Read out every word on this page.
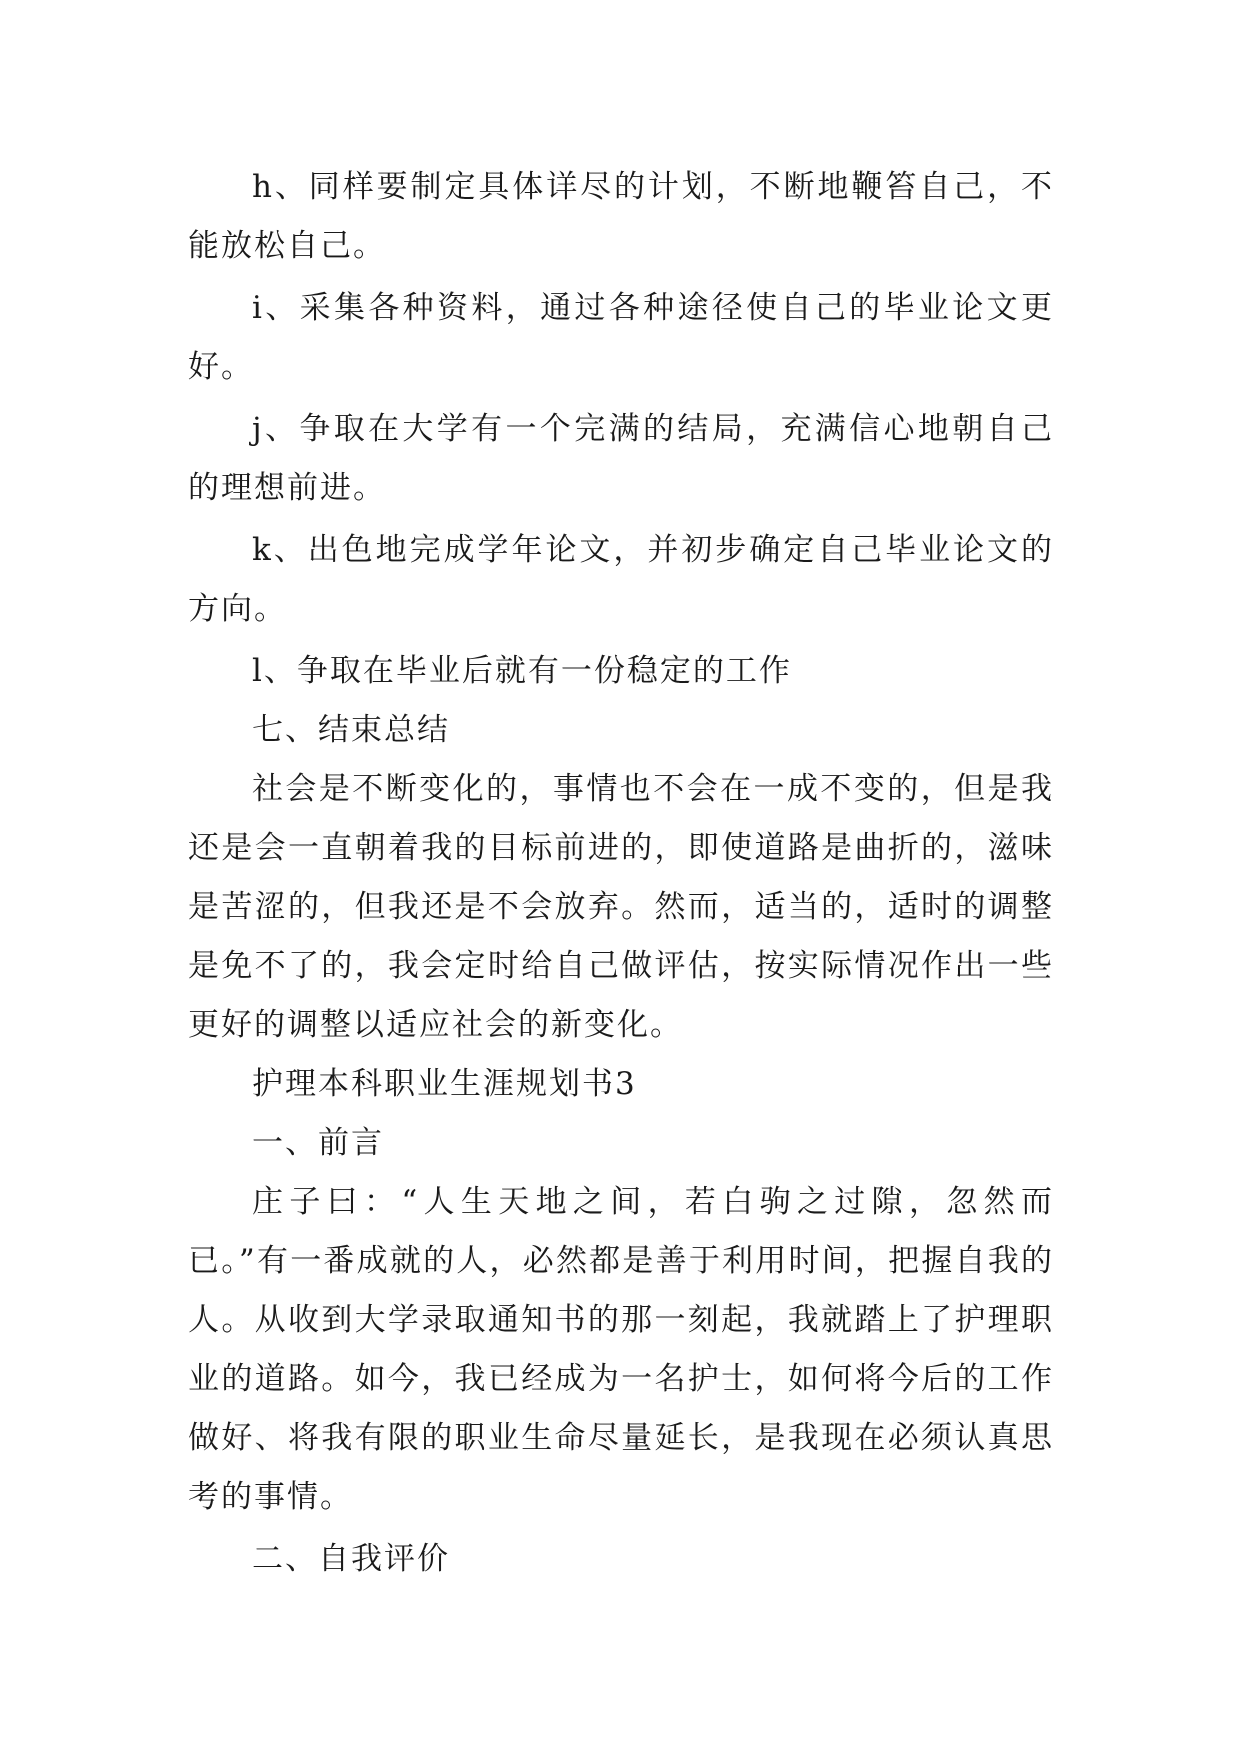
h、同样要制定具体详尽的计划，不断地鞭笞自己，不能放松自己。

i、采集各种资料，通过各种途径使自己的毕业论文更好。

j、争取在大学有一个完满的结局，充满信心地朝自己的理想前进。

k、出色地完成学年论文，并初步确定自己毕业论文的方向。

l、争取在毕业后就有一份稳定的工作

七、结束总结

社会是不断变化的，事情也不会在一成不变的，但是我还是会一直朝着我的目标前进的，即使道路是曲折的，滋味是苦涩的，但我还是不会放弃。然而，适当的，适时的调整是免不了的，我会定时给自己做评估，按实际情况作出一些更好的调整以适应社会的新变化。

护理本科职业生涯规划书3

一、前言

庄子曰：“人生天地之间，若白驹之过隙，忽然而已。”有一番成就的人，必然都是善于利用时间，把握自我的人。从收到大学录取通知书的那一刻起，我就踏上了护理职业的道路。如今，我已经成为一名护士，如何将今后的工作做好、将我有限的职业生命尽量延长，是我现在必须认真思考的事情。

二、自我评价
